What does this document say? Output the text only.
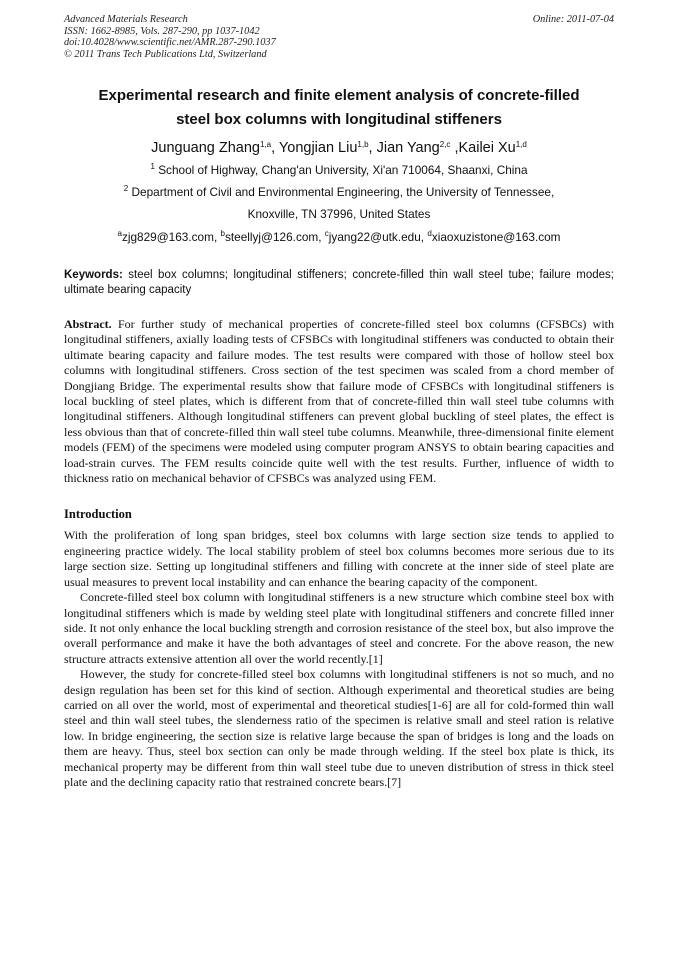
Advanced Materials Research
ISSN: 1662-8985, Vols. 287-290, pp 1037-1042
doi:10.4028/www.scientific.net/AMR.287-290.1037
© 2011 Trans Tech Publications Ltd, Switzerland
Online: 2011-07-04
Experimental research and finite element analysis of concrete-filled
steel box columns with longitudinal stiffeners
Junguang Zhang$^{1,a}$, Yongjian Liu$^{1,b}$, Jian Yang$^{2,c}$ ,Kailei Xu$^{1,d}$
$^1$ School of Highway, Chang'an University, Xi'an 710064, Shaanxi, China
$^2$ Department of Civil and Environmental Engineering, the University of Tennessee,
Knoxville, TN 37996, United States
$^a$zjg829@163.com, $^b$steellyj@126.com, $^c$jyang22@utk.edu, $^d$xiaoxuzistone@163.com
Keywords: steel box columns; longitudinal stiffeners; concrete-filled thin wall steel tube; failure modes; ultimate bearing capacity
Abstract. For further study of mechanical properties of concrete-filled steel box columns (CFSBCs) with longitudinal stiffeners, axially loading tests of CFSBCs with longitudinal stiffeners was conducted to obtain their ultimate bearing capacity and failure modes. The test results were compared with those of hollow steel box columns with longitudinal stiffeners. Cross section of the test specimen was scaled from a chord member of Dongjiang Bridge. The experimental results show that failure mode of CFSBCs with longitudinal stiffeners is local buckling of steel plates, which is different from that of concrete-filled thin wall steel tube columns with longitudinal stiffeners. Although longitudinal stiffeners can prevent global buckling of steel plates, the effect is less obvious than that of concrete-filled thin wall steel tube columns. Meanwhile, three-dimensional finite element models (FEM) of the specimens were modeled using computer program ANSYS to obtain bearing capacities and load-strain curves. The FEM results coincide quite well with the test results. Further, influence of width to thickness ratio on mechanical behavior of CFSBCs was analyzed using FEM.
Introduction
With the proliferation of long span bridges, steel box columns with large section size tends to applied to engineering practice widely. The local stability problem of steel box columns becomes more serious due to its large section size. Setting up longitudinal stiffeners and filling with concrete at the inner side of steel plate are usual measures to prevent local instability and can enhance the bearing capacity of the component.
Concrete-filled steel box column with longitudinal stiffeners is a new structure which combine steel box with longitudinal stiffeners which is made by welding steel plate with longitudinal stiffeners and concrete filled inner side. It not only enhance the local buckling strength and corrosion resistance of the steel box, but also improve the overall performance and make it have the both advantages of steel and concrete. For the above reason, the new structure attracts extensive attention all over the world recently.[1]
However, the study for concrete-filled steel box columns with longitudinal stiffeners is not so much, and no design regulation has been set for this kind of section. Although experimental and theoretical studies are being carried on all over the world, most of experimental and theoretical studies[1-6] are all for cold-formed thin wall steel and thin wall steel tubes, the slenderness ratio of the specimen is relative small and steel ration is relative low. In bridge engineering, the section size is relative large because the span of bridges is long and the loads on them are heavy. Thus, steel box section can only be made through welding. If the steel box plate is thick, its mechanical property may be different from thin wall steel tube due to uneven distribution of stress in thick steel plate and the declining capacity ratio that restrained concrete bears.[7]
